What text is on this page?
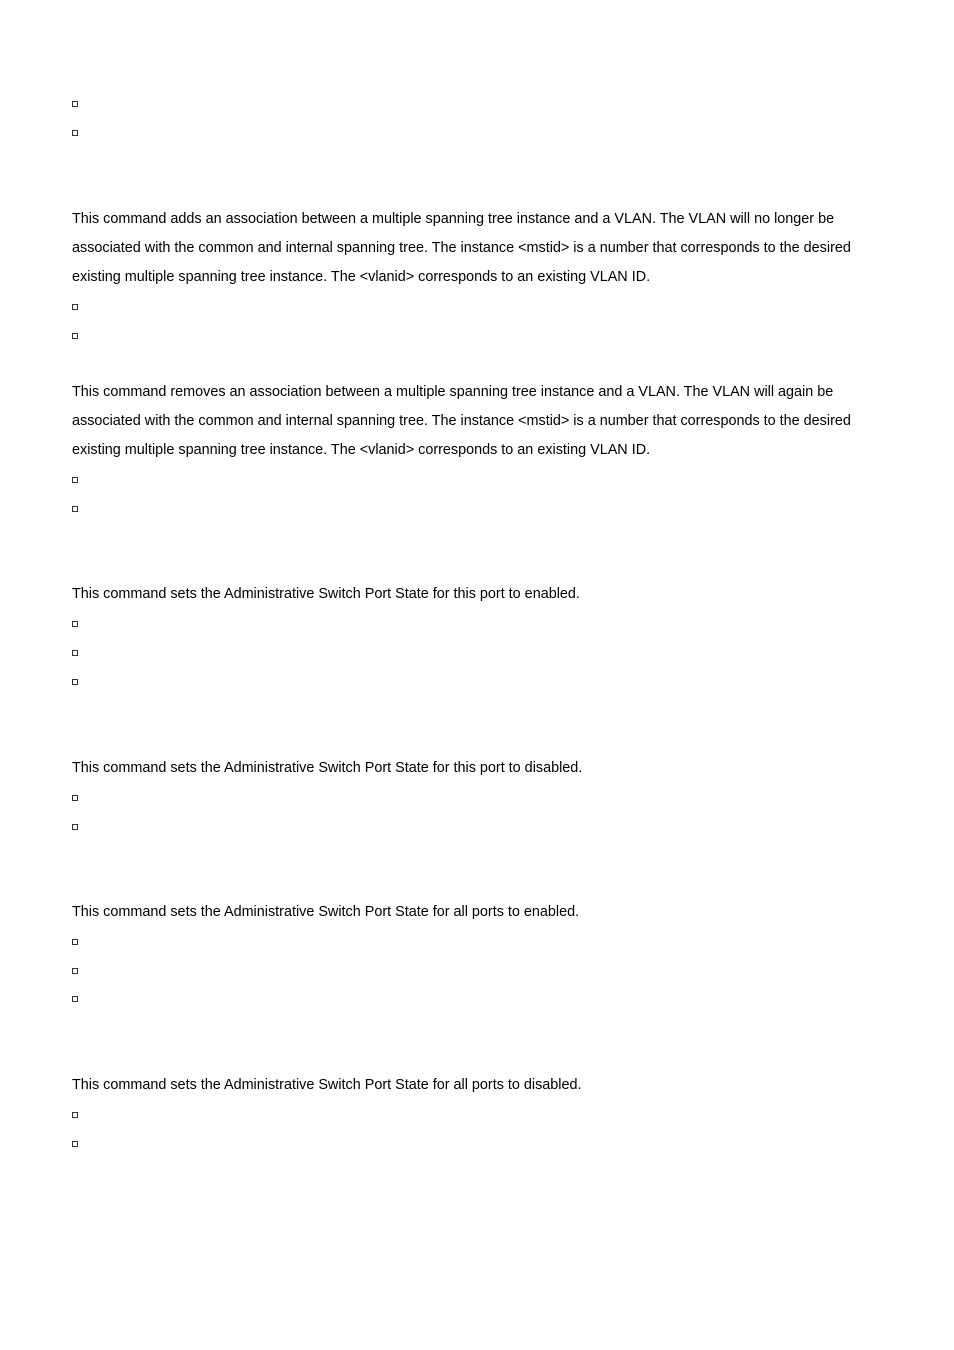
This command adds an association between a multiple spanning tree instance and a VLAN. The VLAN will no longer be
associated with the common and internal spanning tree. The instance <mstid> is a number that corresponds to the desired
existing multiple spanning tree instance. The <vlanid> corresponds to an existing VLAN ID.

This command removes an association between a multiple spanning tree instance and a VLAN. The VLAN will again be
associated with the common and internal spanning tree. The instance <mstid> is a number that corresponds to the desired
existing multiple spanning tree instance. The <vlanid> corresponds to an existing VLAN ID.

This command sets the Administrative Switch Port State for this port to enabled.

This command sets the Administrative Switch Port State for this port to disabled.

This command sets the Administrative Switch Port State for all ports to enabled.

This command sets the Administrative Switch Port State for all ports to disabled.
